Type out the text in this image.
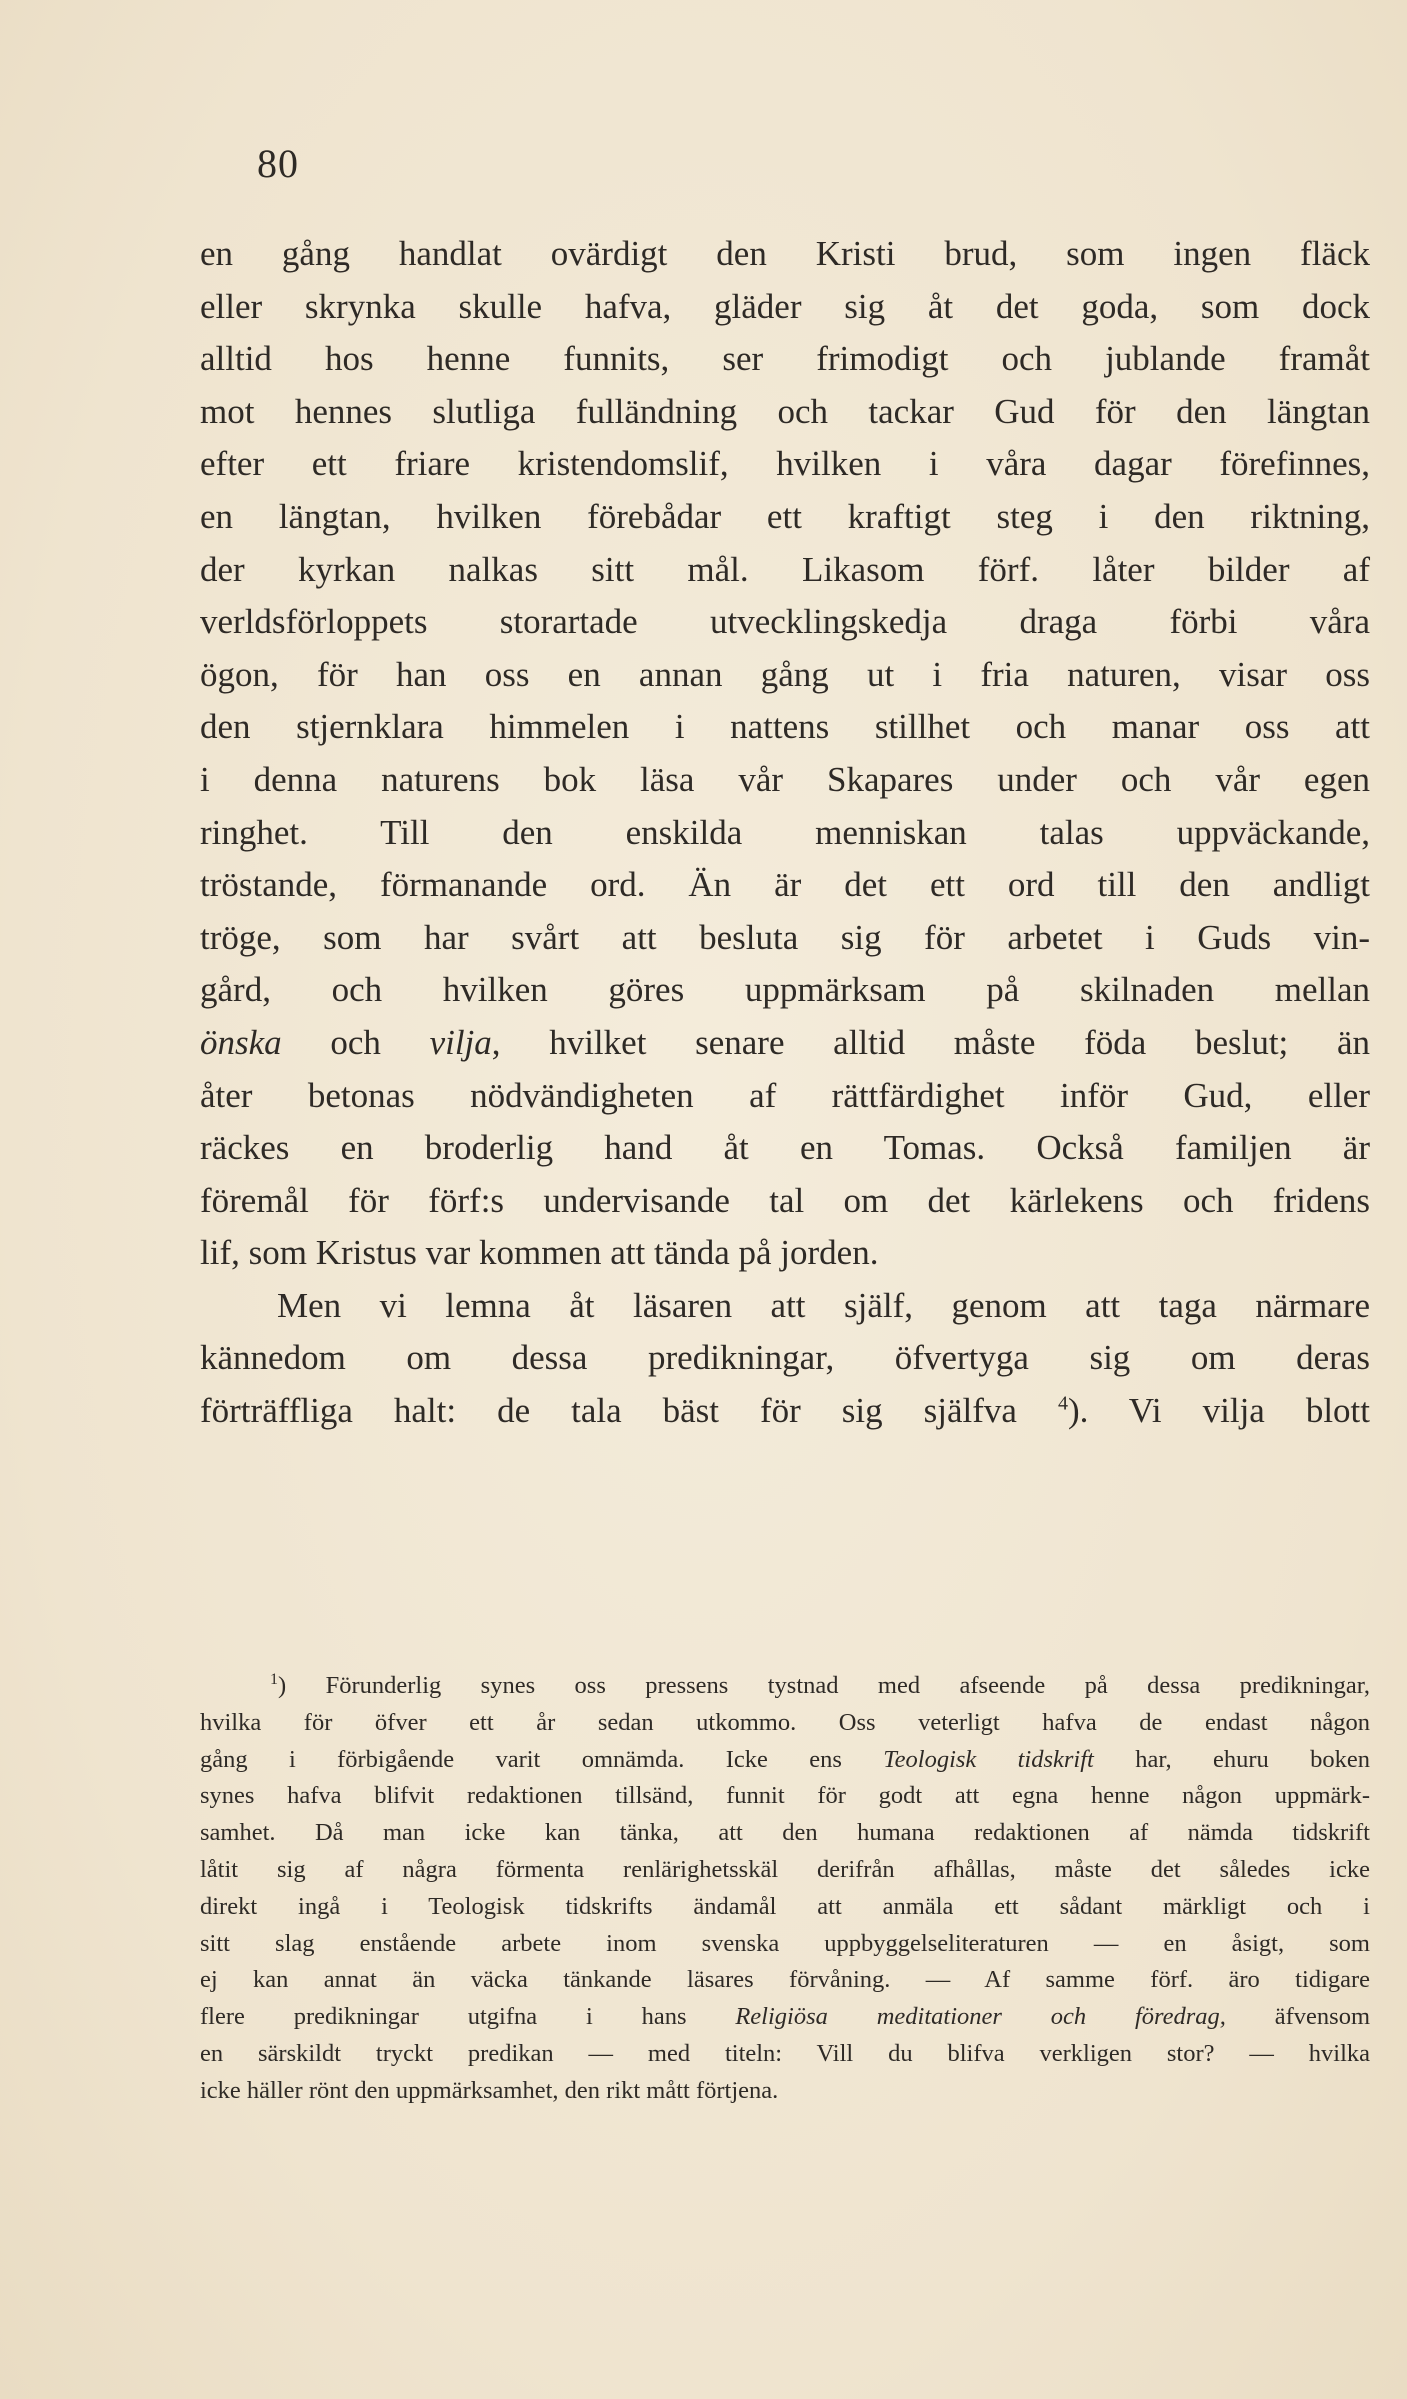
80
en gång handlat ovärdigt den Kristi brud, som ingen fläck
eller skrynka skulle hafva, gläder sig åt det goda, som dock
alltid hos henne funnits, ser frimodigt och jublande framåt
mot hennes slutliga fulländning och tackar Gud för den längtan
efter ett friare kristendomslif, hvilken i våra dagar förefinnes,
en längtan, hvilken förebådar ett kraftigt steg i den riktning,
der kyrkan nalkas sitt mål. Likasom förf. låter bilder af
verldsförloppets storartade utvecklingskedja draga förbi våra
ögon, för han oss en annan gång ut i fria naturen, visar oss
den stjernklara himmelen i nattens stillhet och manar oss att
i denna naturens bok läsa vår Skapares under och vår egen
ringhet. Till den enskilda menniskan talas uppväckande,
tröstande, förmanande ord. Än är det ett ord till den andligt
tröge, som har svårt att besluta sig för arbetet i Guds vin-
gård, och hvilken göres uppmärksam på skilnaden mellan
önska och vilja, hvilket senare alltid måste föda beslut; än
åter betonas nödvändigheten af rättfärdighet inför Gud, eller
räckes en broderlig hand åt en Tomas. Också familjen är
föremål för förf:s undervisande tal om det kärlekens och fridens
lif, som Kristus var kommen att tända på jorden.
Men vi lemna åt läsaren att själf, genom att taga närmare
kännedom om dessa predikningar, öfvertyga sig om deras
förträffliga halt: de tala bäst för sig själfva $^4$). Vi vilja blott
$^1$) Förunderlig synes oss pressens tystnad med afseende på dessa predikningar,
hvilka för öfver ett år sedan utkommo. Oss veterligt hafva de endast någon
gång i förbigående varit omnämda. Icke ens Teologisk tidskrift har, ehuru boken
synes hafva blifvit redaktionen tillsänd, funnit för godt att egna henne någon uppmärk-
samhet. Då man icke kan tänka, att den humana redaktionen af nämda tidskrift
låtit sig af några förmenta renlärighetsskäl derifrån afhållas, måste det således icke
direkt ingå i Teologisk tidskrifts ändamål att anmäla ett sådant märkligt och i
sitt slag enstående arbete inom svenska uppbyggelseliteraturen — en åsigt, som
ej kan annat än väcka tänkande läsares förvåning. — Af samme förf. äro tidigare
flere predikningar utgifna i hans Religiösa meditationer och föredrag, äfvensom
en särskildt tryckt predikan — med titeln: Vill du blifva verkligen stor? — hvilka
icke häller rönt den uppmärksamhet, den rikt mått förtjena.
